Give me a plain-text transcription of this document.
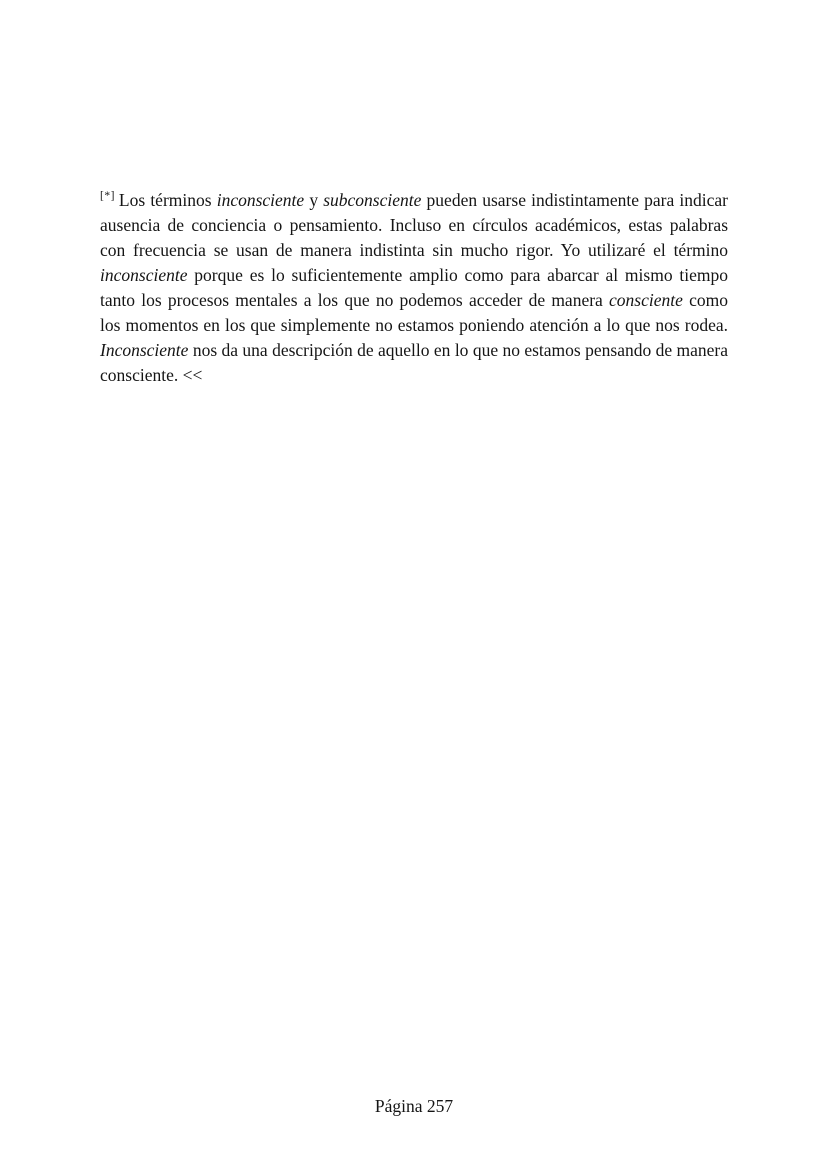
[*] Los términos inconsciente y subconsciente pueden usarse indistintamente para indicar ausencia de conciencia o pensamiento. Incluso en círculos académicos, estas palabras con frecuencia se usan de manera indistinta sin mucho rigor. Yo utilizaré el término inconsciente porque es lo suficientemente amplio como para abarcar al mismo tiempo tanto los procesos mentales a los que no podemos acceder de manera consciente como los momentos en los que simplemente no estamos poniendo atención a lo que nos rodea. Inconsciente nos da una descripción de aquello en lo que no estamos pensando de manera consciente. <<

Página 257
